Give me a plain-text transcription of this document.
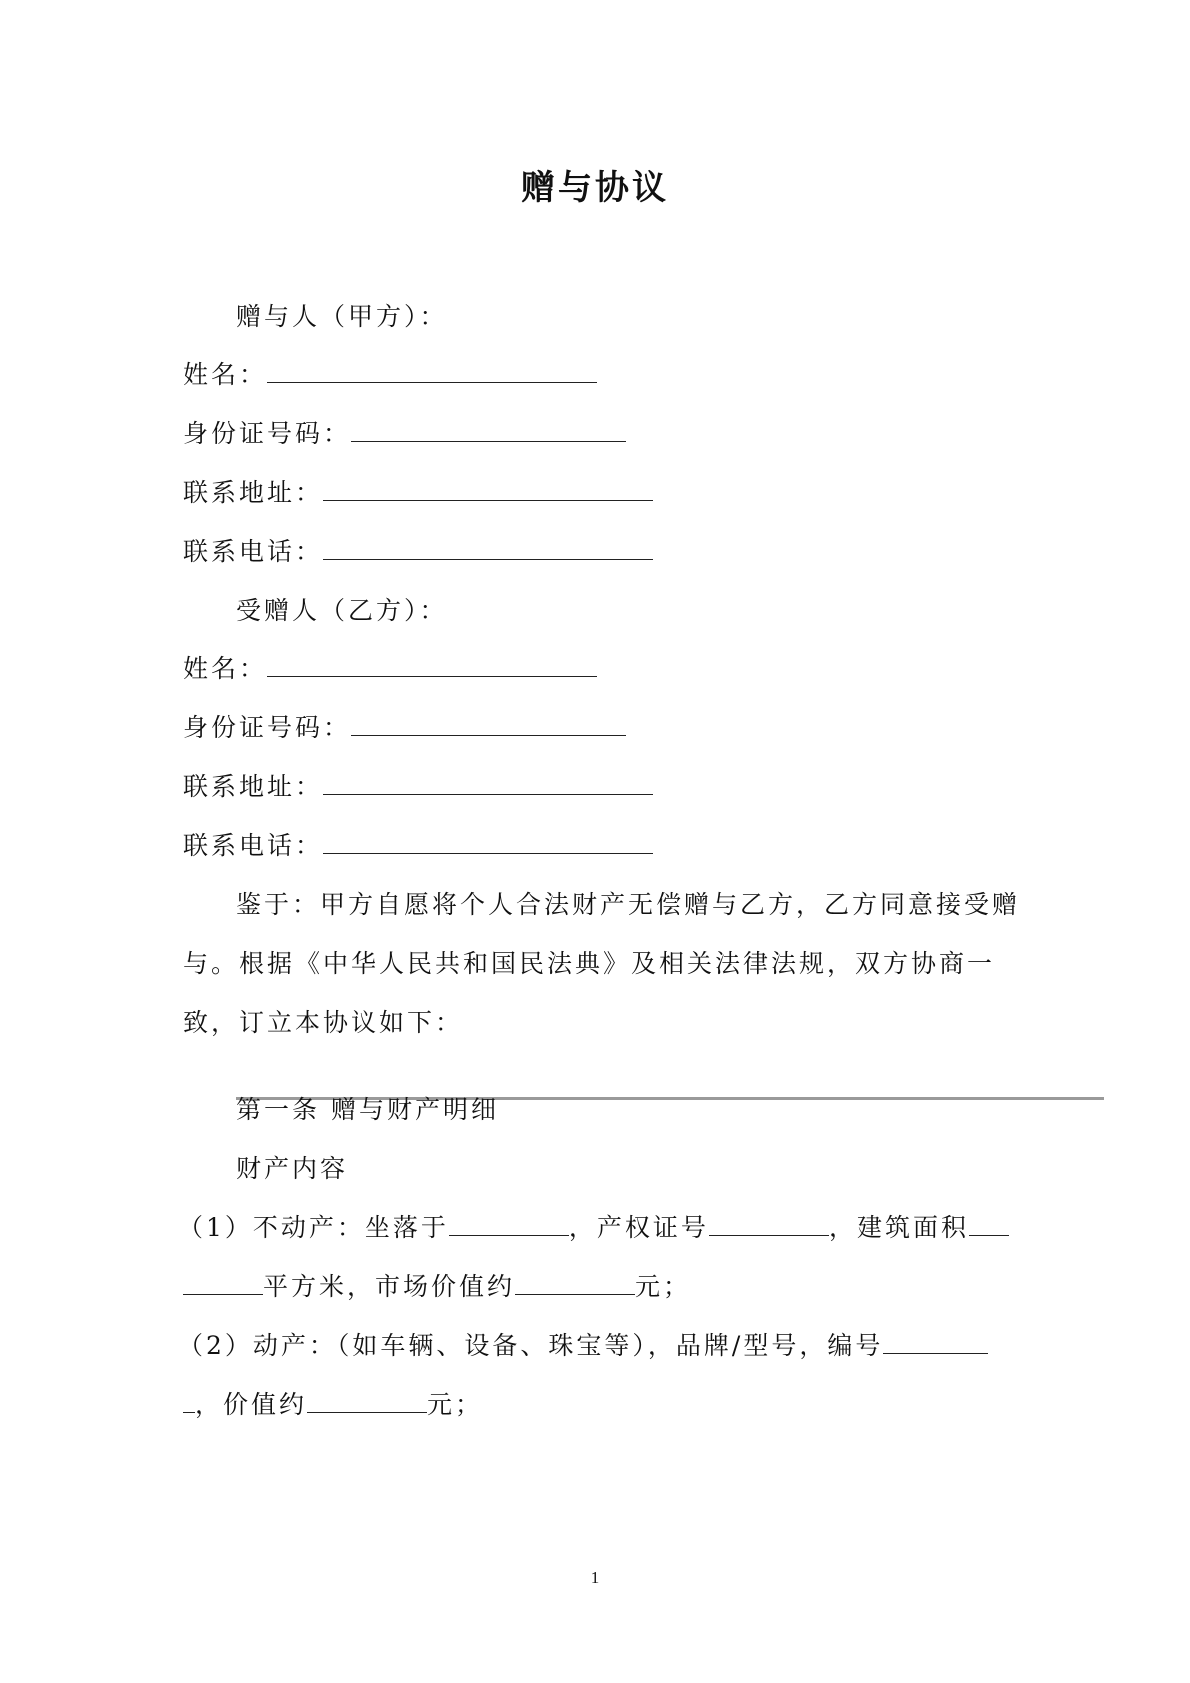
赠与协议
赠与人（甲方）：
姓名：
身份证号码：
联系地址：
联系电话：
受赠人（乙方）：
姓名：
身份证号码：
联系地址：
联系电话：
鉴于：甲方自愿将个人合法财产无偿赠与乙方，乙方同意接受赠
与。根据《中华人民共和国民法典》及相关法律法规，双方协商一
致，订立本协议如下：
第一条 赠与财产明细
财产内容
（1）不动产：坐落于	，产权证号	，建筑面积
平方米，市场价值约	元；
（2）动产：（如车辆、设备、珠宝等），品牌/型号，编号
，价值约	元；
1
